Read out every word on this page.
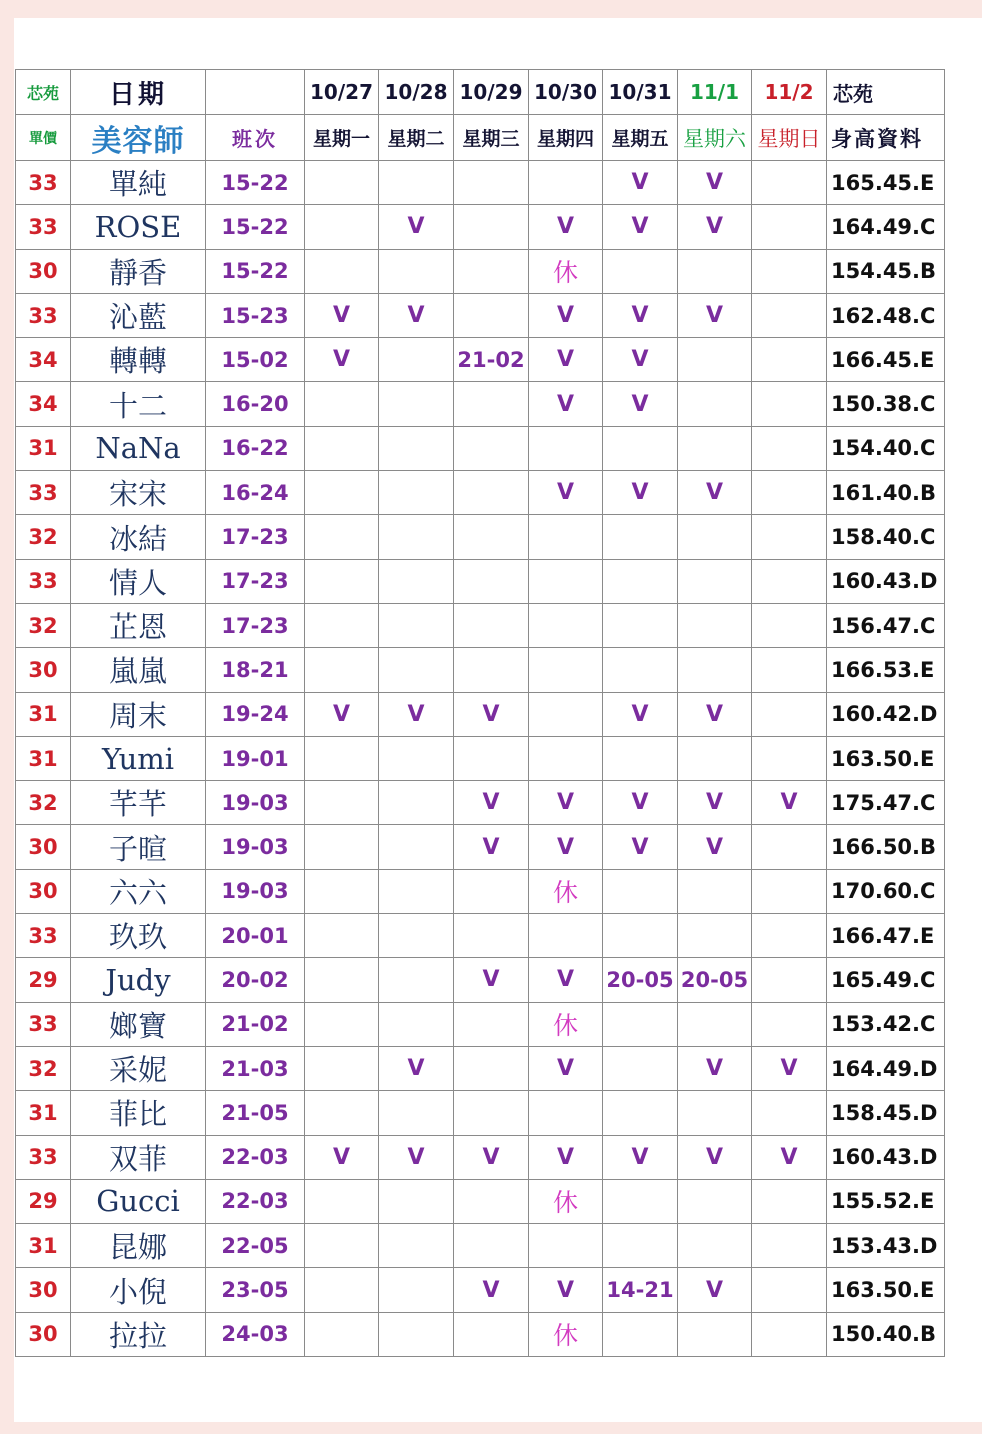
芯苑	日期		10/27	10/28	10/29	10/30	10/31	11/1	11/2	芯苑
單價	美容師	班次	星期一	星期二	星期三	星期四	星期五	星期六	星期日	身高資料
33	單純	15-22					V	V		165.45.E
33	ROSE	15-22		V		V	V	V		164.49.C
30	靜香	15-22				休				154.45.B
33	沁藍	15-23	V	V		V	V	V		162.48.C
34	轉轉	15-02	V		21-02	V	V			166.45.E
34	十二	16-20				V	V			150.38.C
31	NaNa	16-22								154.40.C
33	宋宋	16-24				V	V	V		161.40.B
32	冰結	17-23								158.40.C
33	情人	17-23								160.43.D
32	芷恩	17-23								156.47.C
30	嵐嵐	18-21								166.53.E
31	周末	19-24	V	V	V		V	V		160.42.D
31	Yumi	19-01								163.50.E
32	芊芊	19-03			V	V	V	V	V	175.47.C
30	子暄	19-03			V	V	V	V		166.50.B
30	六六	19-03				休				170.60.C
33	玖玖	20-01								166.47.E
29	Judy	20-02			V	V	20-05	20-05		165.49.C
33	嫏寶	21-02				休				153.42.C
32	采妮	21-03		V		V		V	V	164.49.D
31	菲比	21-05								158.45.D
33	双菲	22-03	V	V	V	V	V	V	V	160.43.D
29	Gucci	22-03				休				155.52.E
31	昆娜	22-05								153.43.D
30	小倪	23-05			V	V	14-21	V		163.50.E
30	拉拉	24-03				休				150.40.B
